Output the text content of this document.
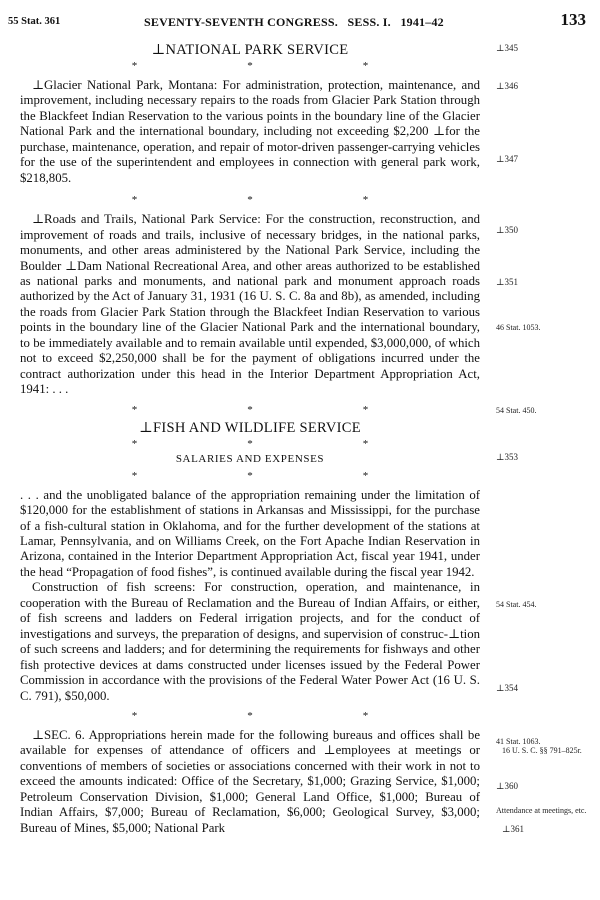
55 Stat. 361	SEVENTY-SEVENTH CONGRESS.   SESS. I.   1941–42	133
⊥NATIONAL PARK SERVICE
*	*	*

⊥Glacier National Park, Montana: For administration, protection, maintenance, and improvement, including necessary repairs to the roads from Glacier Park Station through the Blackfeet Indian Reservation to the various points in the boundary line of the Glacier National Park and the international boundary, including not exceeding $2,200 ⊥for the purchase, maintenance, operation, and repair of motor-driven passenger-carrying vehicles for the use of the superintendent and employees in connection with general park work, $218,805.

*	*	*

⊥Roads and Trails, National Park Service: For the construction, reconstruction, and improvement of roads and trails, inclusive of necessary bridges, in the national parks, monuments, and other areas administered by the National Park Service, including the Boulder ⊥Dam National Recreational Area, and other areas authorized to be established as national parks and monuments, and national park and monument approach roads authorized by the Act of January 31, 1931 (16 U. S. C. 8a and 8b), as amended, including the roads from Glacier Park Station through the Blackfeet Indian Reservation to various points in the boundary line of the Glacier National Park and the international boundary, to be immediately available and to remain available until expended, $3,000,000, of which not to exceed $2,250,000 shall be for the payment of obligations incurred under the contract authorization under this head in the Interior Department Appropriation Act, 1941: . . .

*	*	*
⊥FISH AND WILDLIFE SERVICE
*	*	*
SALARIES AND EXPENSES
*	*	*

. . . and the unobligated balance of the appropriation remaining under the limitation of $120,000 for the establishment of stations in Arkansas and Mississippi, for the purchase of a fish-cultural station in Oklahoma, and for the further development of the stations at Lamar, Pennsylvania, and on Williams Creek, on the Fort Apache Indian Reservation in Arizona, contained in the Interior Department Appropriation Act, fiscal year 1941, under the head “Propagation of food fishes”, is continued available during the fiscal year 1942.

Construction of fish screens: For construction, operation, and maintenance, in cooperation with the Bureau of Reclamation and the Bureau of Indian Affairs, or either, of fish screens and ladders on Federal irrigation projects, and for the conduct of investigations and surveys, the preparation of designs, and supervision of construc-⊥tion of such screens and ladders; and for determining the requirements for fishways and other fish protective devices at dams constructed under licenses issued by the Federal Power Commission in accordance with the provisions of the Federal Water Power Act (16 U. S. C. 791), $50,000.

*	*	*

⊥SEC. 6. Appropriations herein made for the following bureaus and offices shall be available for expenses of attendance of officers and ⊥employees at meetings or conventions of members of societies or associations concerned with their work in not to exceed the amounts indicated: Office of the Secretary, $1,000; Grazing Service, $1,000; Petroleum Conservation Division, $1,000; General Land Office, $1,000; Bureau of Indian Affairs, $7,000; Bureau of Reclamation, $6,000; Geological Survey, $3,000; Bureau of Mines, $5,000; National Park

⊥345
⊥346
⊥347
⊥350
⊥351
46 Stat. 1053.
54 Stat. 450.
⊥353
54 Stat. 454.
⊥354
41 Stat. 1063.
16 U. S. C. §§ 791–825r.
⊥360
Attendance at meetings, etc.
⊥361
